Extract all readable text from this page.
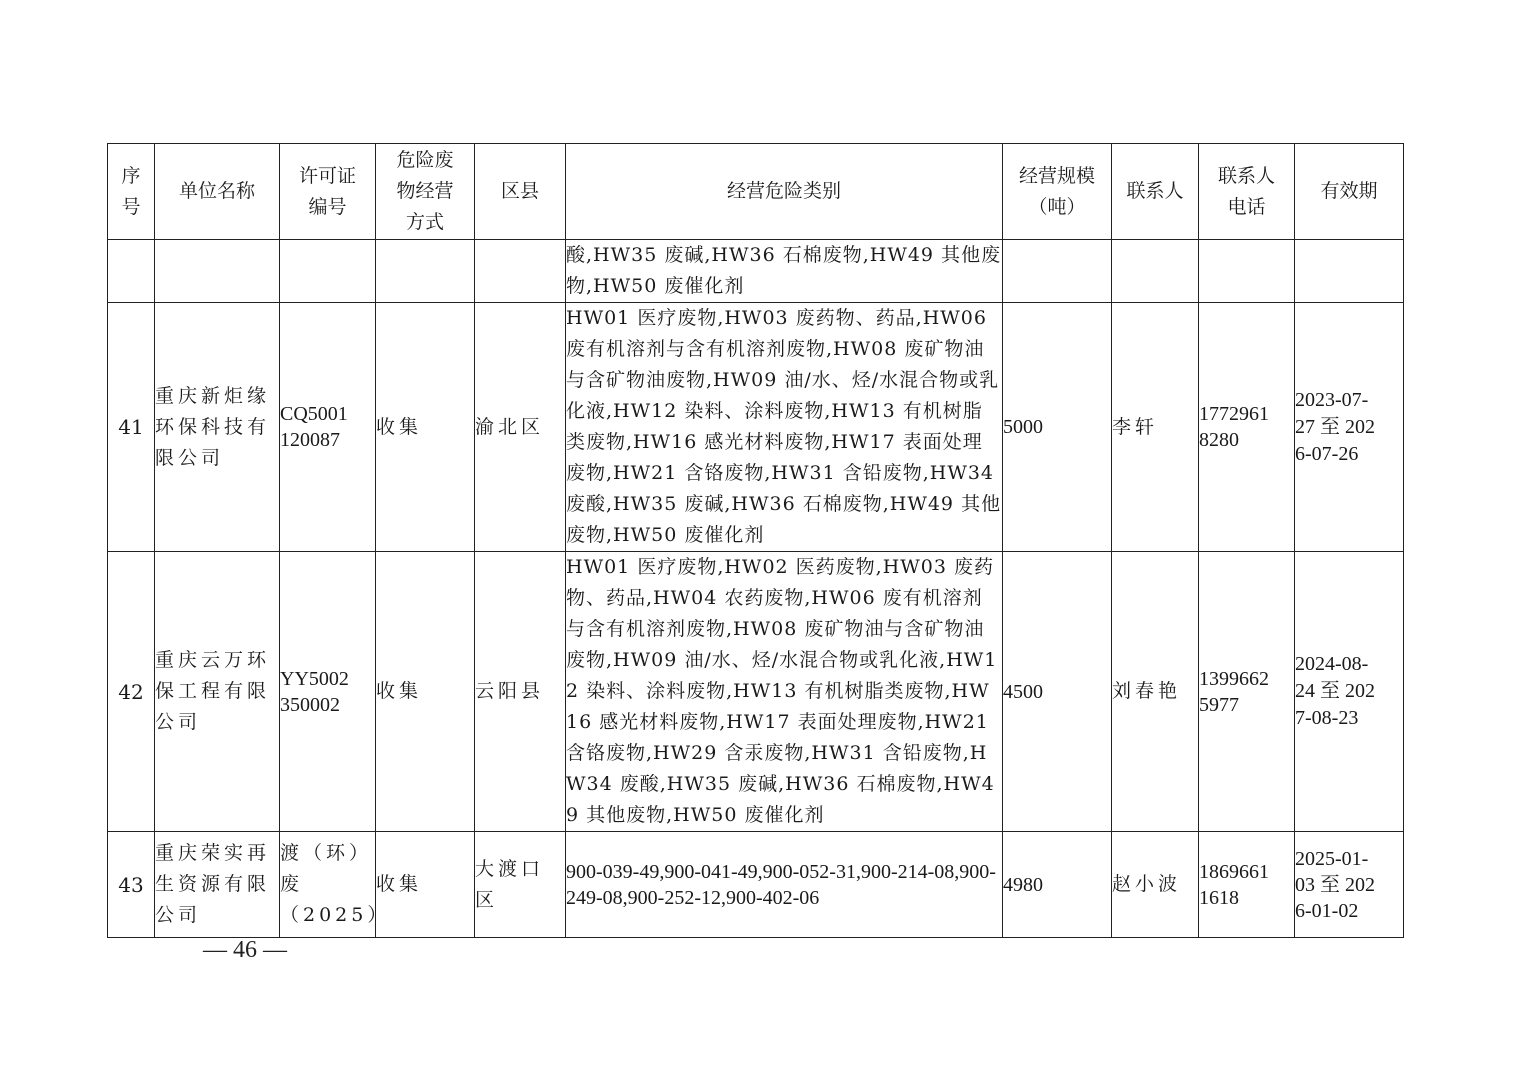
序号	单位名称	许可证编号	危险废物经营方式	区县	经营危险类别	经营规模（吨）	联系人	联系人电话	有效期
					酸,HW35 废碱,HW36 石棉废物,HW49 其他废物,HW50 废催化剂				
41	重庆新炬缘环保科技有限公司	CQ5001120087	收集	渝北区	HW01 医疗废物,HW03 废药物、药品,HW06 废有机溶剂与含有机溶剂废物,HW08 废矿物油与含矿物油废物,HW09 油/水、烃/水混合物或乳化液,HW12 染料、涂料废物,HW13 有机树脂类废物,HW16 感光材料废物,HW17 表面处理废物,HW21 含铬废物,HW31 含铅废物,HW34 废酸,HW35 废碱,HW36 石棉废物,HW49 其他废物,HW50 废催化剂	5000	李轩	17729618280	2023-07-27 至 2026-07-26

42	重庆云万环保工程有限公司	YY5002350002	收集	云阳县	HW01 医疗废物,HW02 医药废物,HW03 废药物、药品,HW04 农药废物,HW06 废有机溶剂与含有机溶剂废物,HW08 废矿物油与含矿物油废物,HW09 油/水、烃/水混合物或乳化液,HW12 染料、涂料废物,HW13 有机树脂类废物,HW16 感光材料废物,HW17 表面处理废物,HW21 含铬废物,HW29 含汞废物,HW31 含铅废物,HW34 废酸,HW35 废碱,HW36 石棉废物,HW49 其他废物,HW50 废催化剂	4500	刘春艳	13996625977	2024-08-24 至 2027-08-23

43	重庆荣实再生资源有限公司	渡（环）废（2025）	收集	大渡口区	900-039-49,900-041-49,900-052-31,900-214-08,900-249-08,900-252-12,900-402-06	4980	赵小波	18696611618	2025-01-03 至 2026-01-02
— 46 —
